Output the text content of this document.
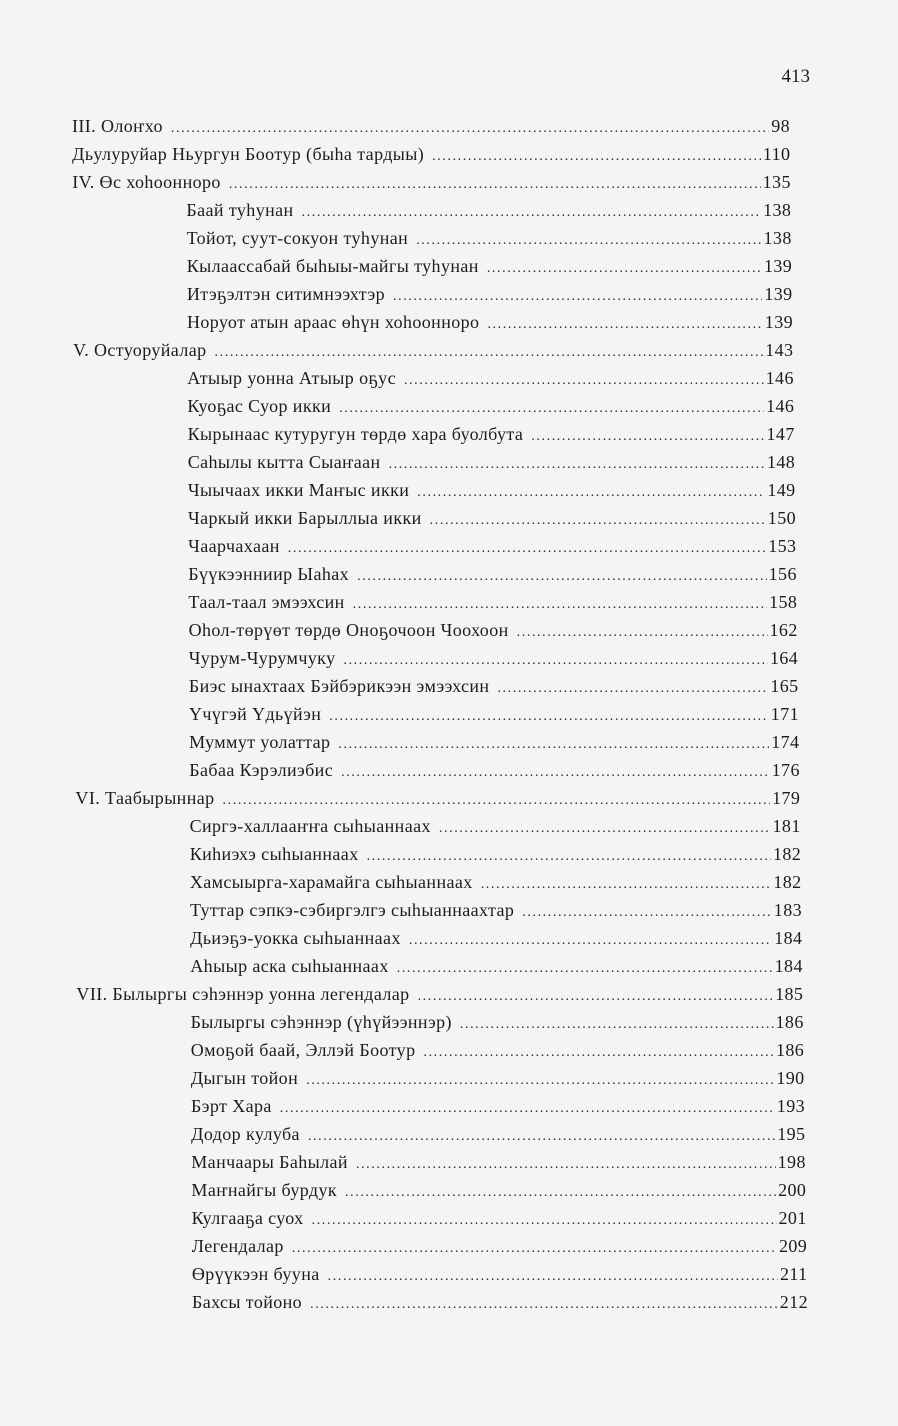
413
III. Олоҥхо .....	98
Дьулуруйар Ньургун Боотур (быһа тардыы) .....	110
IV. Өс хоһоонноро .....	135
Баай туһунан .....	138
Тойот, суут-сокуон туһунан .....	138
Кылаассабай быһыы-майгы туһунан .....	139
Итэҕэлтэн ситимнээхтэр .....	139
Норуот атын араас өһүн хоһоонноро .....	139
V. Остуоруйалар .....	143
Атыыр уонна Атыыр оҕус .....	146
Куоҕас Суор икки .....	146
Кырынаас кутуругун төрдө хара буолбута .....	147
Саһылы кытта Сыаҥаан .....	148
Чыычаах икки Маҥыс икки .....	149
Чаркый икки Барыллыа икки .....	150
Чаарчахаан .....	153
Бүүкээнниир Ыаһах .....	156
Таал-таал эмээхсин .....	158
Оһол-төрүөт төрдө Оноҕочоон Чоохоон .....	162
Чурум-Чурумчуку .....	164
Биэс ынахтаах Бэйбэрикээн эмээхсин .....	165
Үчүгэй Үдьүйэн .....	171
Муммут уолаттар .....	174
Бабаа Кэрэлиэбис .....	176
VI. Таабырыннар .....	179
Сиргэ-халлааҥҥа сыһыаннаах .....	181
Киһиэхэ сыһыаннаах .....	182
Хамсыырга-харамайга сыһыаннаах .....	182
Туттар сэпкэ-сэбиргэлгэ сыһыаннаахтар .....	183
Дьиэҕэ-уокка сыһыаннаах .....	184
Аһыыр аска сыһыаннаах .....	184
VII. Былыргы сэһэннэр уонна легендалар .....	185
Былыргы сэһэннэр (үһүйээннэр) .....	186
Омоҕой баай, Эллэй Боотур .....	186
Дыгын тойон .....	190
Бэрт Хара .....	193
Додор кулуба .....	195
Манчаары Баһылай .....	198
Маҥнайгы бурдук .....	200
Кулгааҕа суох .....	201
Легендалар .....	209
Өрүүкээн бууна .....	211
Бахсы тойоно .....	212
